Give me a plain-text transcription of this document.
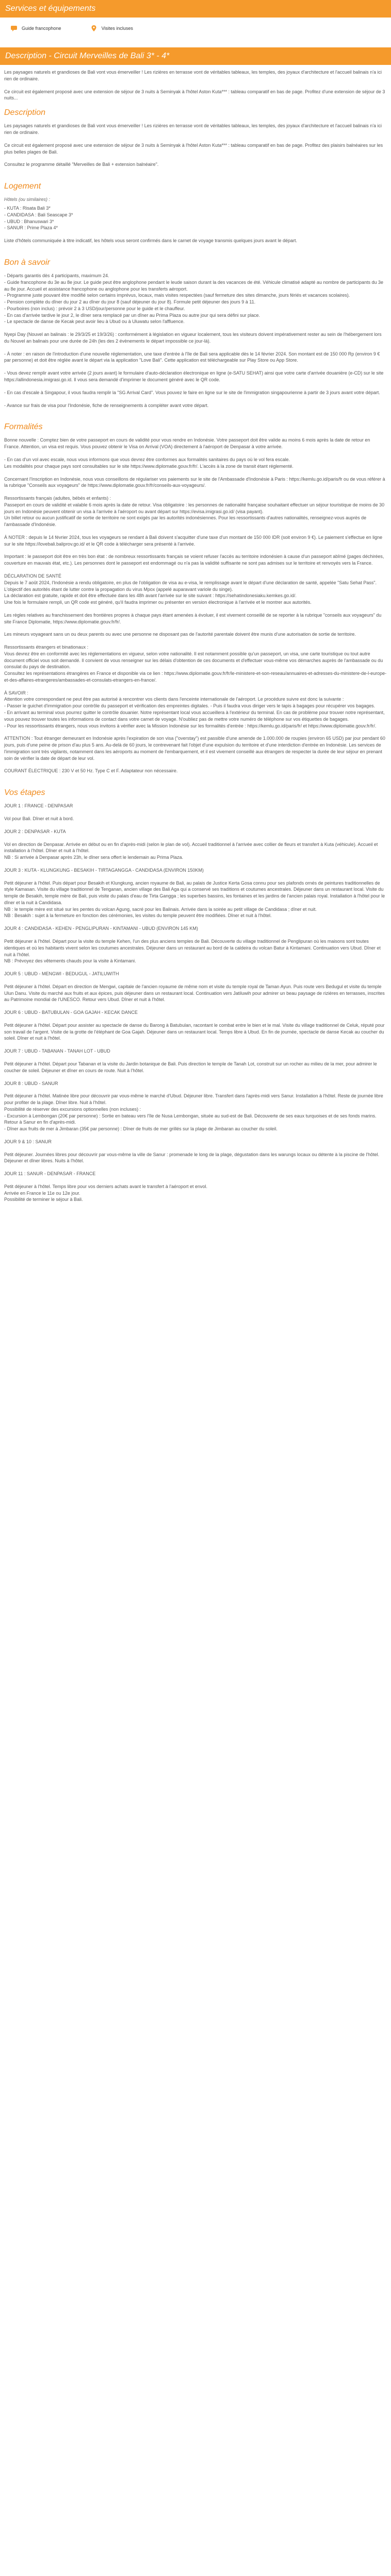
Services et équipements
Guide francophone	Visites incluses
Description - Circuit Merveilles de Bali 3* - 4*

Les paysages naturels et grandioses de Bali vont vous émerveiller ! Les rizières en terrasse vont de véritables tableaux, les temples, des joyaux d'architecture et l'accueil balinais n'a ici rien de ordinaire.

Ce circuit est également proposé avec une extension de séjour de 3 nuits à Seminyak à l'hôtel Aston Kuta*** : tableau comparatif en bas de page. Profitez d'une extension de séjour de 3 nuits...

Description

Les paysages naturels et grandioses de Bali vont vous émerveiller ! Les rizières en terrasse vont de véritables tableaux, les temples, des joyaux d'architecture et l'accueil balinais n'a ici rien de ordinaire.

Ce circuit est également proposé avec une extension de séjour de 3 nuits à Seminyak à l'hôtel Aston Kuta*** : tableau comparatif en bas de page. Profitez des plaisirs balnéaires sur les plus belles plages de Bali.

Consultez le programme détaillé "Merveilles de Bali + extension balnéaire".

Logement

Hôtels (ou similaires) :

- KUTA : Risata Bali 3*

- CANDIDASA : Bali Seascape 3*

- UBUD : Bhanuswari 3*

- SANUR : Prime Plaza 4*

Liste d'hôtels communiquée à titre indicatif, les hôtels vous seront confirmés dans le carnet de voyage transmis quelques jours avant le départ.

Bon à savoir

- Départs garantis dès 4 participants, maximum 24.
- Guide francophone du 3e au 8e jour. Le guide peut être anglophone pendant le leude saison durant la des vacances de été. Véhicule climatisé adapté au nombre de participants du 3e au 8e jour. Accueil et assistance francophone ou anglophone pour les transferts aéroport.
- Programme juste pouvant être modifié selon certains imprévus, locaux, mais visites respectées (sauf fermeture des sites dimanche, jours fériés et vacances scolaires).
- Pension complète du dîner du jour 2 au dîner du jour 8 (sauf déjeuner du jour 8). Formule petit déjeuner des jours 9 à 11.
- Pourboires (non inclus) : prévoir 2 à 3 USD/jour/personne pour le guide et le chauffeur.
- En cas d'arrivée tardive le jour 2, le dîner sera remplacé par un dîner au Prima Plaza ou autre jour qui sera défini sur place.
- Le spectacle de danse de Kecak peut avoir lieu à Ubud ou à Uluwatu selon l'affluence.

Nyepi Day (Nouvel an balinais : le 29/3/25 et 19/3/26) : conformément à législation en vigueur localement, tous les visiteurs doivent impérativement rester au sein de l'hébergement lors du Nouvel an balinais pour une durée de 24h (les des 2 évènements le départ impossible ce jour-là).

- À noter : en raison de l'introduction d'une nouvelle réglementation, une taxe d'entrée à l'île de Bali sera applicable dès le 14 février 2024. Son montant est de 150 000 Rp (environ 9 € par personne) et doit être réglée avant le départ via la application "Love Bali". Cette application est téléchargeable sur Play Store ou App Store.

- Vous devez remplir avant votre arrivée (2 jours avant) le formulaire d'auto-déclaration électronique en ligne (e-SATU SEHAT) ainsi que votre carte d'arrivée douanière (e-CD) sur le site https://allindonesia.imigrasi.go.id. Il vous sera demandé d'imprimer le document généré avec le QR code.

- En cas d'escale à Singapour, il vous faudra remplir la "SG Arrival Card". Vous pouvez le faire en ligne sur le site de l'immigration singapourienne à partir de 3 jours avant votre départ.

- Avance sur frais de visa pour l'Indonésie, fiche de renseignements à compléter avant votre départ.

Formalités

Bonne nouvelle : Comptez bien de votre passeport en cours de validité pour vous rendre en Indonésie. Votre passeport doit être valide au moins 6 mois après la date de retour en France. Attention, un visa est requis. Vous pouvez obtenir le Visa on Arrival (VOA) directement à l'aéroport de Denpasar à votre arrivée.

- En cas d'un vol avec escale, nous vous informons que vous devrez être conformes aux formalités sanitaires du pays où le vol fera escale.
Les modalités pour chaque pays sont consultables sur le site https://www.diplomatie.gouv.fr/fr/. L'accès à la zone de transit étant réglementé.

Concernant l'Inscription en Indonésie, nous vous conseillons de régulariser vos paiements sur le site de l'Ambassade d'Indonésie à Paris : https://kemlu.go.id/paris/fr ou de vous référer à la rubrique "Conseils aux voyageurs" de https://www.diplomatie.gouv.fr/fr/conseils-aux-voyageurs/.

Ressortissants français (adultes, bébés et enfants) :
Passeport en cours de validité et valable 6 mois après la date de retour. Visa obligatoire : les personnes de nationalité française souhaitant effectuer un séjour touristique de moins de 30 jours en Indonésie peuvent obtenir un visa à l'arrivée à l'aéroport ou avant départ sur https://evisa.imigrasi.go.id/ (visa payant).
Un billet retour ou aucun justificatif de sortie de territoire ne sont exigés par les autorités indonésiennes. Pour les ressortissants d'autres nationalités, renseignez-vous auprès de l'ambassade d'Indonésie.

À NOTER : depuis le 14 février 2024, tous les voyageurs se rendant à Bali doivent s'acquitter d'une taxe d'un montant de 150 000 IDR (soit environ 9 €). Le paiement s'effectue en ligne sur le site https://lovebali.baliprov.go.id/ et le QR code à télécharger sera présenté à l'arrivée.

Important : le passeport doit être en très bon état : de nombreux ressortissants français se voient refuser l'accès au territoire indonésien à cause d'un passeport abîmé (pages déchirées, couverture en mauvais état, etc.). Les personnes dont le passeport est endommagé ou n'a pas la validité suffisante ne sont pas admises sur le territoire et renvoyés vers la France.

DÉCLARATION DE SANTÉ
Depuis le 7 août 2024, l'Indonésie a rendu obligatoire, en plus de l'obligation de visa au e-visa, le remplissage avant le départ d'une déclaration de santé, appelée "Satu Sehat Pass".
L'objectif des autorités étant de lutter contre la propagation du virus Mpox (appelé auparavant variole du singe).
La déclaration est gratuite, rapide et doit être effectuée dans les 48h avant l'arrivée sur le site suivant : https://sehatindonesiaku.kemkes.go.id/.
Une fois le formulaire rempli, un QR code est généré, qu'il faudra imprimer ou présenter en version électronique à l'arrivée et le montrer aux autorités.

Les règles relatives au franchissement des frontières propres à chaque pays étant amenées à évoluer, il est vivement conseillé de se reporter à la rubrique "conseils aux voyageurs" du site France Diplomatie, https://www.diplomatie.gouv.fr/fr/.

Les mineurs voyageant sans un ou deux parents ou avec une personne ne disposant pas de l'autorité parentale doivent être munis d'une autorisation de sortie de territoire.

Ressortissants étrangers et binationaux :
Vous devrez être en conformité avec les réglementations en vigueur, selon votre nationalité. Il est notamment possible qu'un passeport, un visa, une carte touristique ou tout autre document officiel vous soit demandé. Il convient de vous renseigner sur les délais d'obtention de ces documents et d'effectuer vous-même vos démarches auprès de l'ambassade ou du consulat du pays de destination.
Consultez les représentations étrangères en France et disponible via ce lien : https://www.diplomatie.gouv.fr/fr/le-ministere-et-son-reseau/annuaires-et-adresses-du-ministere-de-l-europe-et-des-affaires-etrangeres/ambassades-et-consulats-etrangers-en-france/.

À SAVOIR :
Attention votre correspondant ne peut être pas autorisé à rencontrer vos clients dans l'enceinte internationale de l'aéroport. Le procédure suivre est donc la suivante :
- Passer le guichet d'immigration pour contrôle du passeport et vérification des empreintes digitales. - Puis il faudra vous diriger vers le tapis à bagages pour récupérer vos bagages.
- En arrivant au terminal vous pourrez quitter le contrôle douanier. Notre représentant local vous accueillera à l'extérieur du terminal. En cas de problème pour trouver notre représentant, vous pouvez trouver toutes les informations de contact dans votre carnet de voyage. N'oubliez pas de mettre votre numéro de téléphone sur vos étiquettes de bagages.
- Pour les ressortissants étrangers, nous vous invitons à vérifier avec la Mission Indonésie sur les formalités d'entrée : https://kemlu.go.id/paris/fr/ et https://www.diplomatie.gouv.fr/fr/.

ATTENTION : Tout étranger demeurant en Indonésie après l'expiration de son visa ("overstay") est passible d'une amende de 1.000.000 de roupies (environ 65 USD) par jour pendant 60 jours, puis d'une peine de prison d'au plus 5 ans. Au-delà de 60 jours, le contrevenant fait l'objet d'une expulsion du territoire et d'une interdiction d'entrée en Indonésie. Les services de l'immigration sont très vigilants, notamment dans les aéroports au moment de l'embarquement, et il est vivement conseillé aux étrangers de respecter la durée de leur séjour en prenant soin de vérifier la date de départ de leur vol.

COURANT ÉLECTRIQUE : 230 V et 50 Hz. Type C et F. Adaptateur non nécessaire.

Vos étapes

JOUR 1 : FRANCE - DENPASAR

Vol pour Bali. Dîner et nuit à bord.

JOUR 2 : DENPASAR - KUTA

Vol en direction de Denpasar. Arrivée en début ou en fin d'après-midi (selon le plan de vol). Accueil traditionnel à l'arrivée avec collier de fleurs et transfert à Kuta (véhicule). Accueil et installation à l'hôtel. Dîner et nuit à l'hôtel.
NB : Si arrivée à Denpasar après 23h, le dîner sera offert le lendemain au Prima Plaza.

JOUR 3 : KUTA - KLUNGKUNG - BESAKIH - TIRTAGANGGA - CANDIDASA (ENVIRON 150KM)

Petit déjeuner à l'hôtel. Puis départ pour Besakih et Klungkung, ancien royaume de Bali, au palais de Justice Kerta Gosa connu pour ses plafonds ornés de peintures traditionnelles de style Kamasan. Visite du village traditionnel de Tenganan, ancien village des Bali Aga qui a conservé ses traditions et coutumes ancestrales. Déjeuner dans un restaurant local. Visite du temple de Besakih, temple mère de Bali, puis visite du palais d'eau de Tirta Gangga ; les superbes bassins, les fontaines et les jardins de l'ancien palais royal. Installation à l'hôtel pour le dîner et la nuit à Candidasa.
NB : le temple mère est situé sur les pentes du volcan Agung, sacré pour les Balinais. Arrivée dans la soirée au petit village de Candidasa ; dîner et nuit.
NB : Besakih : sujet à la fermeture en fonction des cérémonies, les visites du temple peuvent être modifiées. Dîner et nuit à l'hôtel.

JOUR 4 : CANDIDASA - KEHEN - PENGLIPURAN - KINTAMANI - UBUD (ENVIRON 145 KM)

Petit déjeuner à l'hôtel. Départ pour la visite du temple Kehen, l'un des plus anciens temples de Bali. Découverte du village traditionnel de Penglipuran où les maisons sont toutes identiques et où les habitants vivent selon les coutumes ancestrales. Déjeuner dans un restaurant au bord de la caldeira du volcan Batur à Kintamani. Continuation vers Ubud. Dîner et nuit à l'hôtel.
NB : Prévoyez des vêtements chauds pour la visite à Kintamani.

JOUR 5 : UBUD - MENGWI - BEDUGUL - JATILUWITH

Petit déjeuner à l'hôtel. Départ en direction de Mengwi, capitale de l'ancien royaume de même nom et visite du temple royal de Taman Ayun. Puis route vers Bedugul et visite du temple Ulun Danu. Visite du marché aux fruits et aux épices, puis déjeuner dans un restaurant local. Continuation vers Jatiluwih pour admirer un beau paysage de rizières en terrasses, inscrites au Patrimoine mondial de l'UNESCO. Retour vers Ubud. Dîner et nuit à l'hôtel.

JOUR 6 : UBUD - BATUBULAN - GOA GAJAH - KECAK DANCE

Petit déjeuner à l'hôtel. Départ pour assister au spectacle de danse du Barong à Batubulan, racontant le combat entre le bien et le mal. Visite du village traditionnel de Celuk, réputé pour son travail de l'argent. Visite de la grotte de l'éléphant de Goa Gajah. Déjeuner dans un restaurant local. Temps libre à Ubud. En fin de journée, spectacle de danse Kecak au coucher du soleil. Dîner et nuit à l'hôtel.

JOUR 7 : UBUD - TABANAN - TANAH LOT - UBUD

Petit déjeuner à l'hôtel. Départ pour Tabanan et la visite du Jardin botanique de Bali. Puis direction le temple de Tanah Lot, construit sur un rocher au milieu de la mer, pour admirer le coucher de soleil. Déjeuner et dîner en cours de route. Nuit à l'hôtel.

JOUR 8 : UBUD - SANUR

Petit déjeuner à l'hôtel. Matinée libre pour découvrir par vous-même le marché d'Ubud. Déjeuner libre. Transfert dans l'après-midi vers Sanur. Installation à l'hôtel. Reste de journée libre pour profiter de la plage. Dîner libre. Nuit à l'hôtel.
Possibilité de réserver des excursions optionnelles (non incluses) :
- Excursion à Lembongan (20€ par personne) : Sortie en bateau vers l'île de Nusa Lembongan, située au sud-est de Bali. Découverte de ses eaux turquoises et de ses fonds marins. Retour à Sanur en fin d'après-midi.
- Dîner aux fruits de mer à Jimbaran (35€ par personne) : Dîner de fruits de mer grillés sur la plage de Jimbaran au coucher du soleil.

JOUR 9 & 10 : SANUR

Petit déjeuner. Journées libres pour découvrir par vous-même la ville de Sanur : promenade le long de la plage, dégustation dans les warungs locaux ou détente à la piscine de l'hôtel. Déjeuner et dîner libres. Nuits à l'hôtel.

JOUR 11 : SANUR - DENPASAR - FRANCE

Petit déjeuner à l'hôtel. Temps libre pour vos derniers achats avant le transfert à l'aéroport et envol.
Arrivée en France le 11e ou 12e jour.
Possibilité de terminer le séjour à Bali.
